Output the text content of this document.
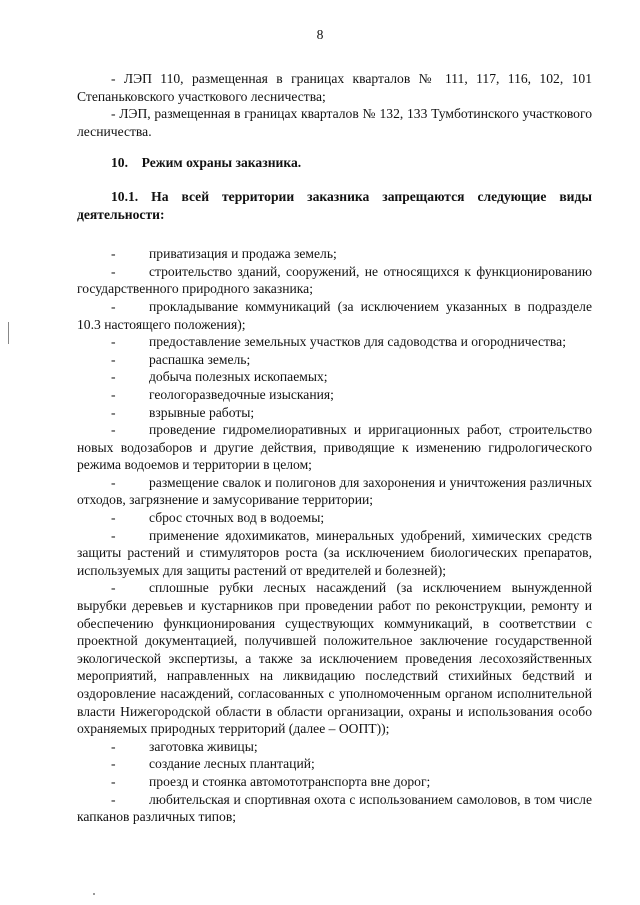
8

- ЛЭП 110, размещенная в границах кварталов № 111, 117, 116, 102, 101 Степаньковского участкового лесничества;

- ЛЭП, размещенная в границах кварталов № 132, 133 Тумботинского участкового лесничества.

10.    Режим охраны заказника.

10.1. На всей территории заказника запрещаются следующие виды деятельности:

- приватизация и продажа земель;

- строительство зданий, сооружений, не относящихся к функционированию государственного природного заказника;

- прокладывание коммуникаций (за исключением указанных в подразделе 10.3 настоящего положения);

- предоставление земельных участков для садоводства и огородничества;

- распашка земель;

- добыча полезных ископаемых;

- геологоразведочные изыскания;

- взрывные работы;

- проведение гидромелиоративных и ирригационных работ, строительство новых водозаборов и другие действия, приводящие к изменению гидрологического режима водоемов и территории в целом;

- размещение свалок и полигонов для захоронения и уничтожения различных отходов, загрязнение и замусоривание территории;

- сброс сточных вод в водоемы;

- применение ядохимикатов, минеральных удобрений, химических средств защиты растений и стимуляторов роста (за исключением биологических препаратов, используемых для защиты растений от вредителей и болезней);

- сплошные рубки лесных насаждений (за исключением вынужденной вырубки деревьев и кустарников при проведении работ по реконструкции, ремонту и обеспечению функционирования существующих коммуникаций, в соответствии с проектной документацией, получившей положительное заключение государственной экологической экспертизы, а также за исключением проведения лесохозяйственных мероприятий, направленных на ликвидацию последствий стихийных бедствий и оздоровление насаждений, согласованных с уполномоченным органом исполнительной власти Нижегородской области в области организации, охраны и использования особо охраняемых природных территорий (далее – ООПТ));

- заготовка живицы;

- создание лесных плантаций;

- проезд и стоянка автомототранспорта вне дорог;

- любительская и спортивная охота с использованием самоловов, в том числе капканов различных типов;
